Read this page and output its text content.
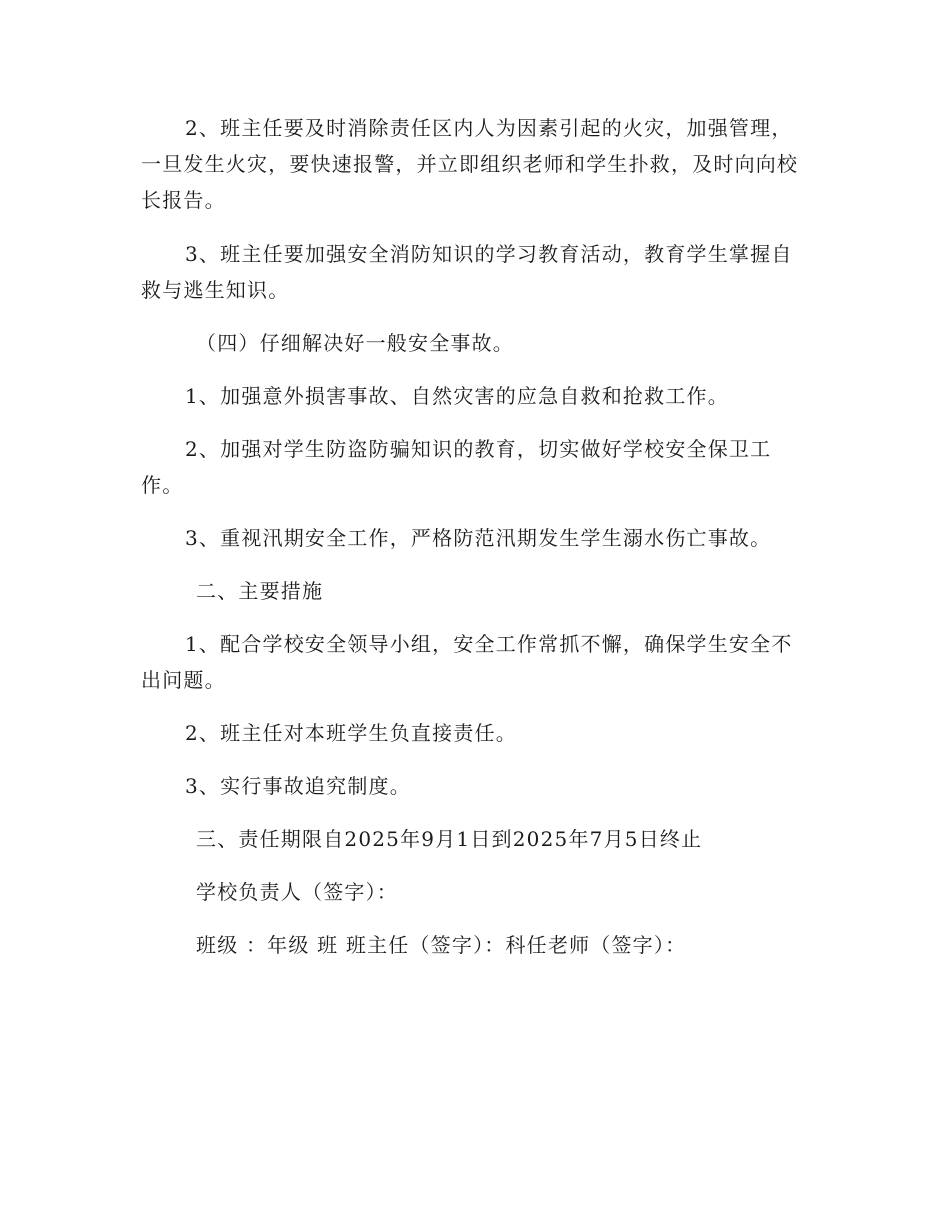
2、班主任要及时消除责任区内人为因素引起的火灾，加强管理，一旦发生火灾，要快速报警，并立即组织老师和学生扑救，及时向向校长报告。

3、班主任要加强安全消防知识的学习教育活动，教育学生掌握自救与逃生知识。

（四）仔细解决好一般安全事故。

1、加强意外损害事故、自然灾害的应急自救和抢救工作。

2、加强对学生防盗防骗知识的教育，切实做好学校安全保卫工作。

3、重视汛期安全工作，严格防范汛期发生学生溺水伤亡事故。

二、主要措施

1、配合学校安全领导小组，安全工作常抓不懈，确保学生安全不出问题。

2、班主任对本班学生负直接责任。

3、实行事故追究制度。

三、责任期限自2025年9月1日到2025年7月5日终止

学校负责人（签字）：

班级 ：年级 班 班主任（签字）：科任老师（签字）：
